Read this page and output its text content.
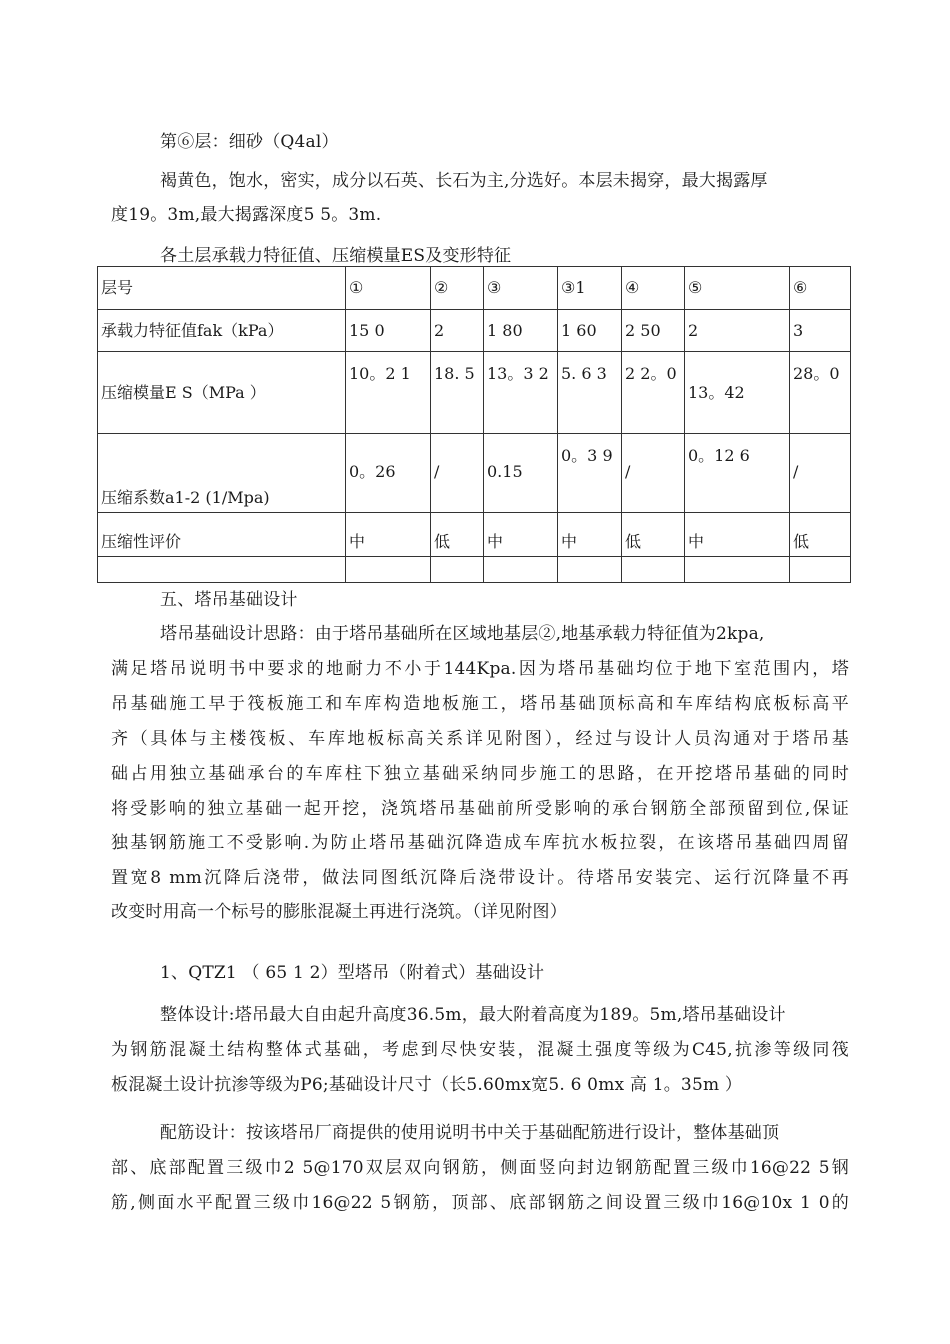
第⑥层：细砂（Q4al）
褐黄色，饱水，密实，成分以石英、长石为主,分选好。本层未揭穿，最大揭露厚
度19。3m,最大揭露深度5 5。3m.
各土层承载力特征值、压缩模量ES及变形特征
层号	①	②	③	③1	④	⑤	⑥
承载力特征值fak（kPa）	15 0	2	1 80	1 60	2 50	2	3
压缩模量E S（MPa ）	10。2 1	18. 5	13。3 2	5. 6 3	2 2。0	13。42	28。0
压缩系数a1-2 (1/Mpa)	0。26	/	0.15	0。3 9	/	0。12 6	/
压缩性评价	中	低	中	中	低	中	低

五、塔吊基础设计
塔吊基础设计思路：由于塔吊基础所在区域地基层②,地基承载力特征值为2kpa,
满足塔吊说明书中要求的地耐力不小于144Kpa.因为塔吊基础均位于地下室范围内，塔
吊基础施工早于筏板施工和车库构造地板施工，塔吊基础顶标高和车库结构底板标高平
齐（具体与主楼筏板、车库地板标高关系详见附图），经过与设计人员沟通对于塔吊基
础占用独立基础承台的车库柱下独立基础采纳同步施工的思路，在开挖塔吊基础的同时
将受影响的独立基础一起开挖，浇筑塔吊基础前所受影响的承台钢筋全部预留到位,保证
独基钢筋施工不受影响.为防止塔吊基础沉降造成车库抗水板拉裂，在该塔吊基础四周留
置宽8 mm沉降后浇带，做法同图纸沉降后浇带设计。待塔吊安装完、运行沉降量不再
改变时用高一个标号的膨胀混凝土再进行浇筑。（详见附图）
1、QTZ1 （ 65 1 2）型塔吊（附着式）基础设计
整体设计:塔吊最大自由起升高度36.5m，最大附着高度为189。5m,塔吊基础设计
为钢筋混凝土结构整体式基础，考虑到尽快安装，混凝土强度等级为C45,抗渗等级同筏
板混凝土设计抗渗等级为P6;基础设计尺寸（长5.60mx宽5. 6 0mx 高 1。35m ）
配筋设计：按该塔吊厂商提供的使用说明书中关于基础配筋进行设计，整体基础顶
部、底部配置三级巾2 5@170双层双向钢筋，侧面竖向封边钢筋配置三级巾16@22 5钢
筋,侧面水平配置三级巾16@22 5钢筋，顶部、底部钢筋之间设置三级巾16@10x 1 0的
